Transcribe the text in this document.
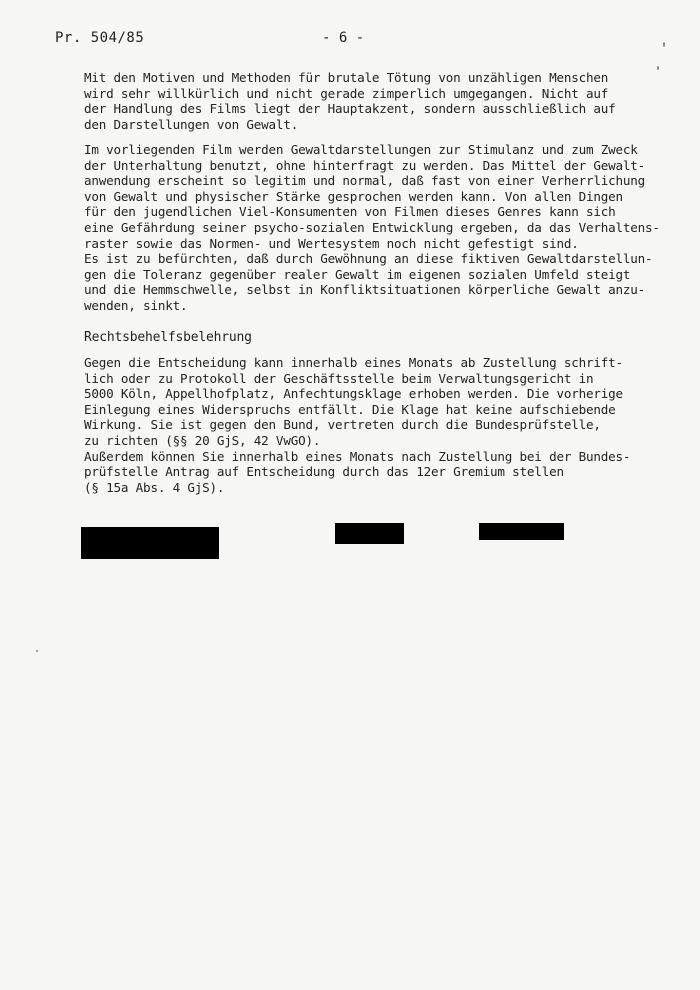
Pr. 504/85	- 6 -

Mit den Motiven und Methoden für brutale Tötung von unzähligen Menschen
wird sehr willkürlich und nicht gerade zimperlich umgegangen. Nicht auf
der Handlung des Films liegt der Hauptakzent, sondern ausschließlich auf
den Darstellungen von Gewalt.

Im vorliegenden Film werden Gewaltdarstellungen zur Stimulanz und zum Zweck
der Unterhaltung benutzt, ohne hinterfragt zu werden. Das Mittel der Gewalt-
anwendung erscheint so legitim und normal, daß fast von einer Verherrlichung
von Gewalt und physischer Stärke gesprochen werden kann. Von allen Dingen
für den jugendlichen Viel-Konsumenten von Filmen dieses Genres kann sich
eine Gefährdung seiner psycho-sozialen Entwicklung ergeben, da das Verhaltens-
raster sowie das Normen- und Wertesystem noch nicht gefestigt sind.
Es ist zu befürchten, daß durch Gewöhnung an diese fiktiven Gewaltdarstellun-
gen die Toleranz gegenüber realer Gewalt im eigenen sozialen Umfeld steigt
und die Hemmschwelle, selbst in Konfliktsituationen körperliche Gewalt anzu-
wenden, sinkt.

Rechtsbehelfsbelehrung

Gegen die Entscheidung kann innerhalb eines Monats ab Zustellung schrift-
lich oder zu Protokoll der Geschäftsstelle beim Verwaltungsgericht in
5000 Köln, Appellhofplatz, Anfechtungsklage erhoben werden. Die vorherige
Einlegung eines Widerspruchs entfällt. Die Klage hat keine aufschiebende
Wirkung. Sie ist gegen den Bund, vertreten durch die Bundesprüfstelle,
zu richten (§§ 20 GjS, 42 VwGO).
Außerdem können Sie innerhalb eines Monats nach Zustellung bei der Bundes-
prüfstelle Antrag auf Entscheidung durch das 12er Gremium stellen
(§ 15a Abs. 4 GjS).
